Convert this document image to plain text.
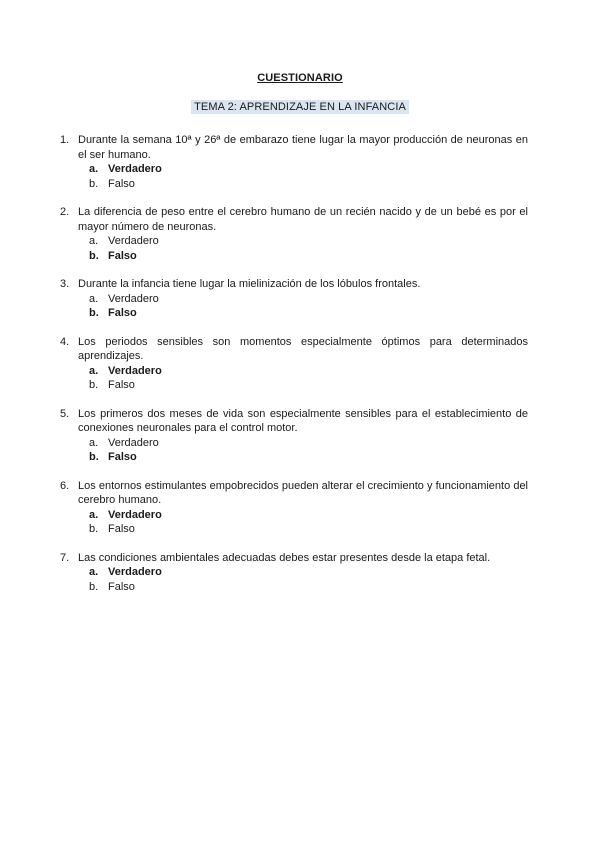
CUESTIONARIO
TEMA 2: APRENDIZAJE EN LA INFANCIA
1. Durante la semana 10ª y 26ª de embarazo tiene lugar la mayor producción de neuronas en el ser humano.
a. Verdadero
b. Falso
2. La diferencia de peso entre el cerebro humano de un recién nacido y de un bebé es por el mayor número de neuronas.
a. Verdadero
b. Falso
3. Durante la infancia tiene lugar la mielinización de los lóbulos frontales.
a. Verdadero
b. Falso
4. Los periodos sensibles son momentos especialmente óptimos para determinados aprendizajes.
a. Verdadero
b. Falso
5. Los primeros dos meses de vida son especialmente sensibles para el establecimiento de conexiones neuronales para el control motor.
a. Verdadero
b. Falso
6. Los entornos estimulantes empobrecidos pueden alterar el crecimiento y funcionamiento del cerebro humano.
a. Verdadero
b. Falso
7. Las condiciones ambientales adecuadas debes estar presentes desde la etapa fetal.
a. Verdadero
b. Falso
